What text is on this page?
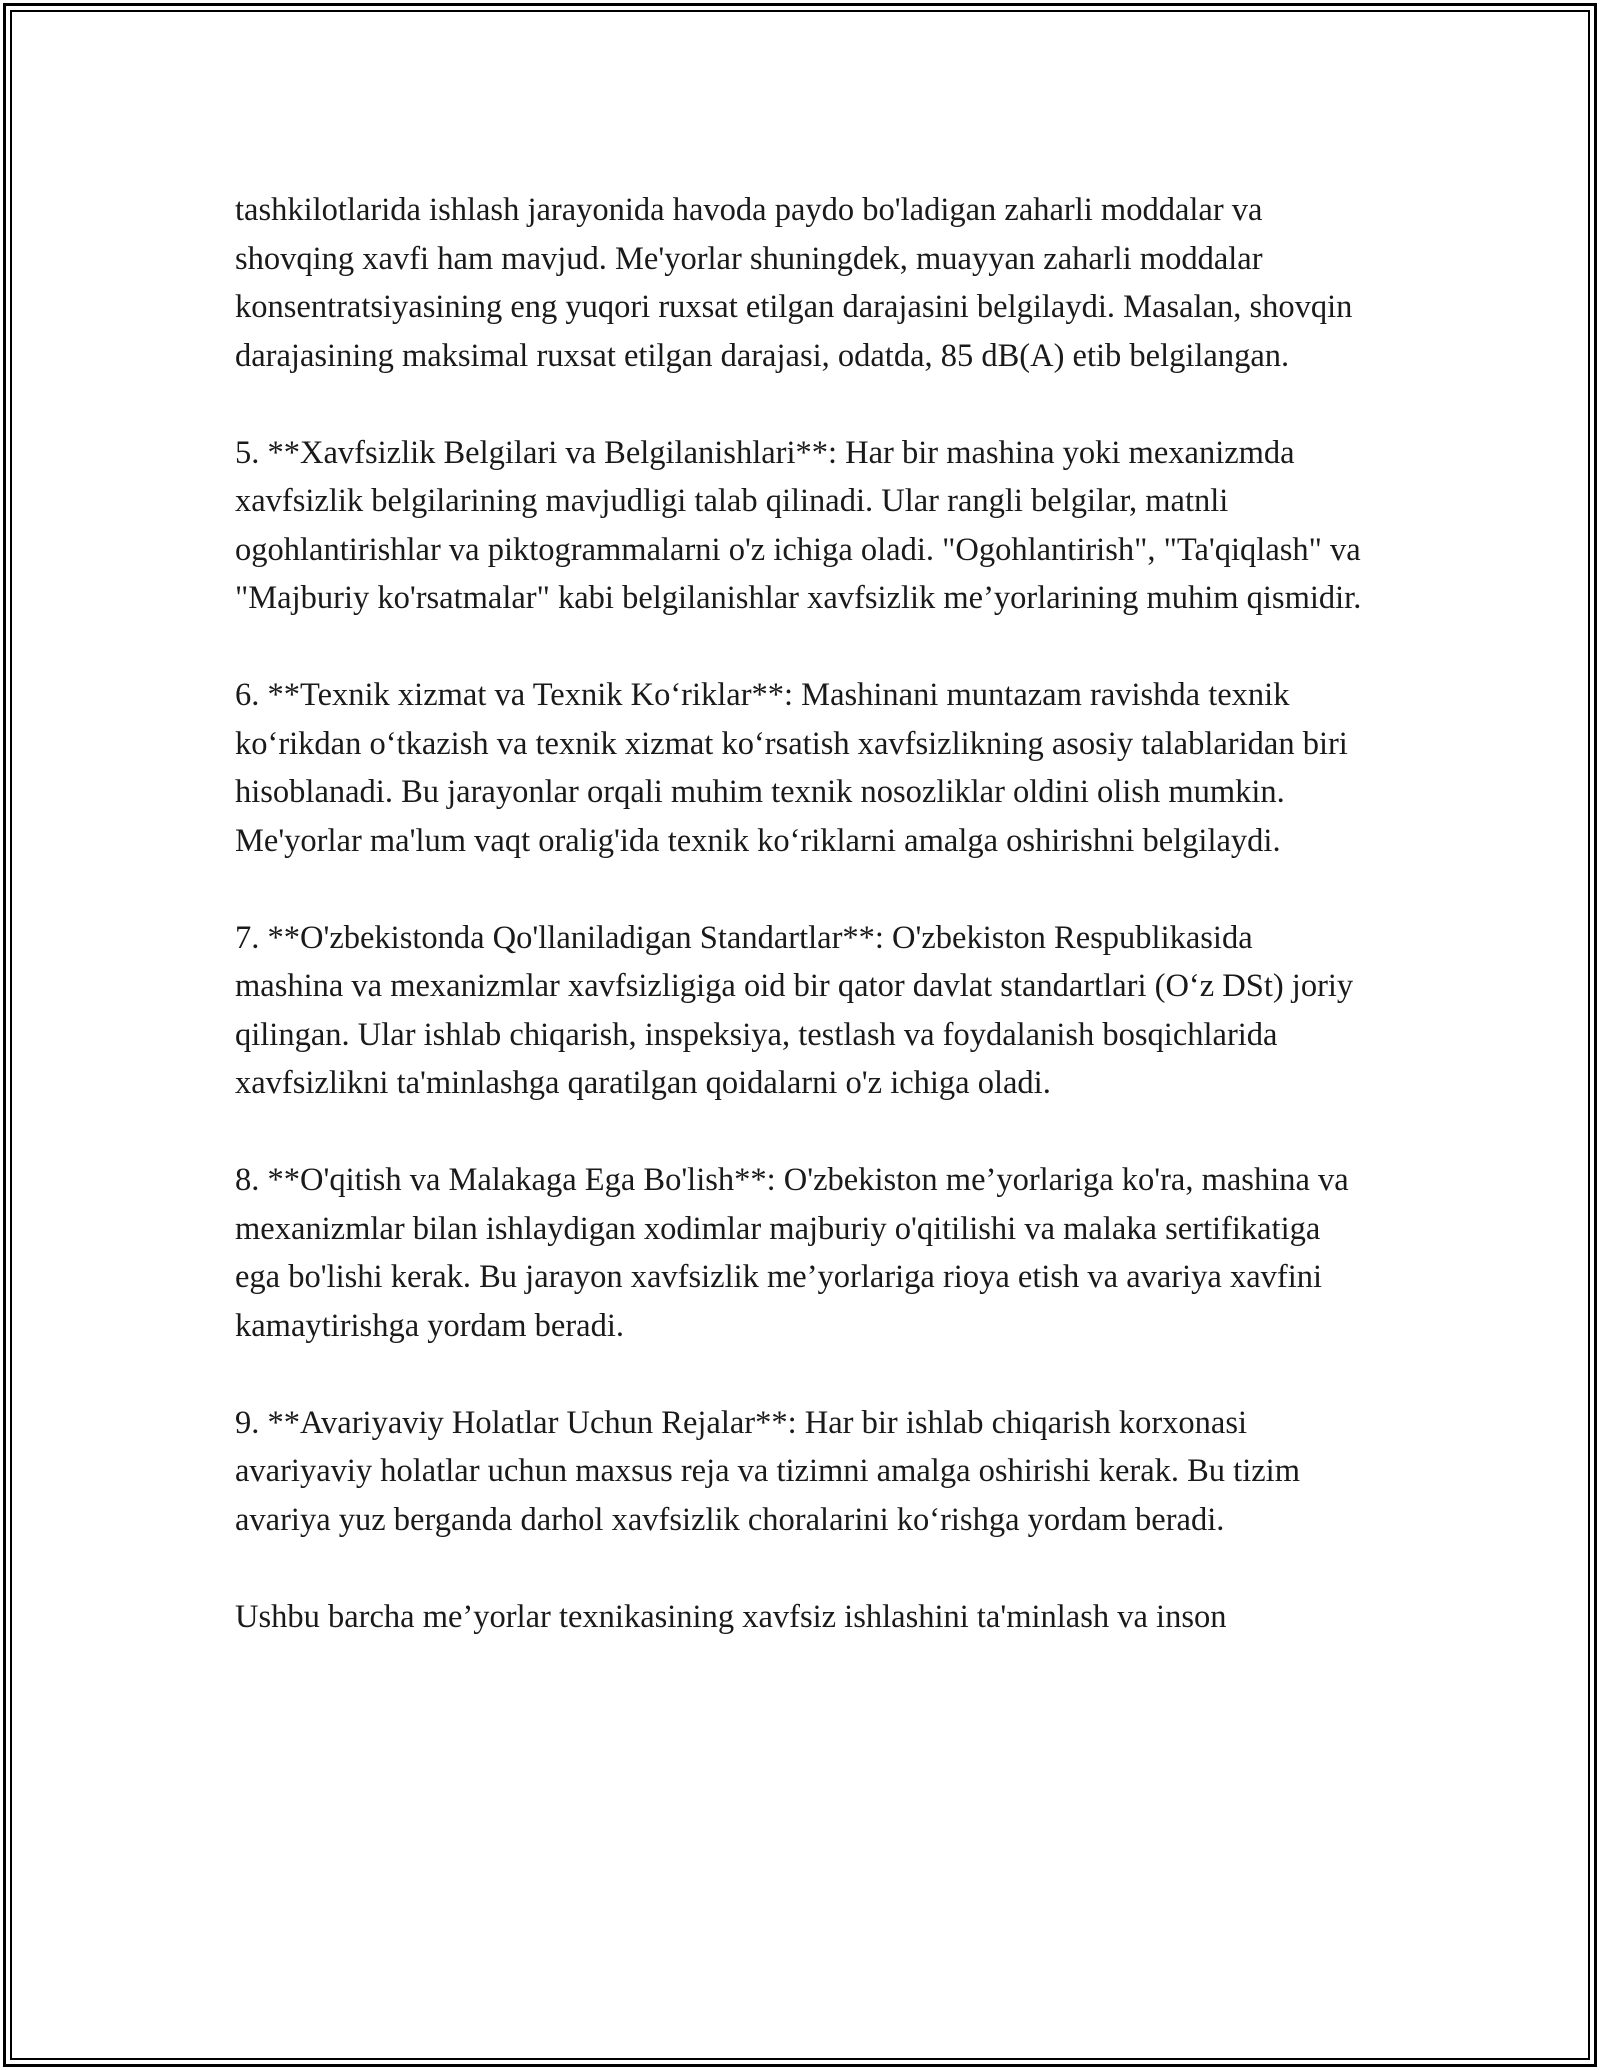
tashkilotlarida ishlash jarayonida havoda paydo bo'ladigan zaharli moddalar va shovqing xavfi ham mavjud. Me'yorlar shuningdek, muayyan zaharli moddalar konsentratsiyasining eng yuqori ruxsat etilgan darajasini belgilaydi. Masalan, shovqin darajasining maksimal ruxsat etilgan darajasi, odatda, 85 dB(A) etib belgilangan.

5. **Xavfsizlik Belgilari va Belgilanishlari**: Har bir mashina yoki mexanizmda xavfsizlik belgilarining mavjudligi talab qilinadi. Ular rangli belgilar, matnli ogohlantirishlar va piktogrammalarni o'z ichiga oladi. "Ogohlantirish", "Ta'qiqlash" va "Majburiy ko'rsatmalar" kabi belgilanishlar xavfsizlik me’yorlarining muhim qismidir.

6. **Texnik xizmat va Texnik Ko‘riklar**: Mashinani muntazam ravishda texnik ko‘rikdan o‘tkazish va texnik xizmat ko‘rsatish xavfsizlikning asosiy talablaridan biri hisoblanadi. Bu jarayonlar orqali muhim texnik nosozliklar oldini olish mumkin. Me'yorlar ma'lum vaqt oralig'ida texnik ko‘riklarni amalga oshirishni belgilaydi.

7. **O'zbekistonda Qo'llaniladigan Standartlar**: O'zbekiston Respublikasida mashina va mexanizmlar xavfsizligiga oid bir qator davlat standartlari (O‘z DSt) joriy qilingan. Ular ishlab chiqarish, inspeksiya, testlash va foydalanish bosqichlarida xavfsizlikni ta'minlashga qaratilgan qoidalarni o'z ichiga oladi.

8. **O'qitish va Malakaga Ega Bo'lish**: O'zbekiston me’yorlariga ko'ra, mashina va mexanizmlar bilan ishlaydigan xodimlar majburiy o'qitilishi va malaka sertifikatiga ega bo'lishi kerak. Bu jarayon xavfsizlik me’yorlariga rioya etish va avariya xavfini kamaytirishga yordam beradi.

9. **Avariyaviy Holatlar Uchun Rejalar**: Har bir ishlab chiqarish korxonasi avariyaviy holatlar uchun maxsus reja va tizimni amalga oshirishi kerak. Bu tizim avariya yuz berganda darhol xavfsizlik choralarini ko‘rishga yordam beradi.

Ushbu barcha me’yorlar texnikasining xavfsiz ishlashini ta'minlash va inson
